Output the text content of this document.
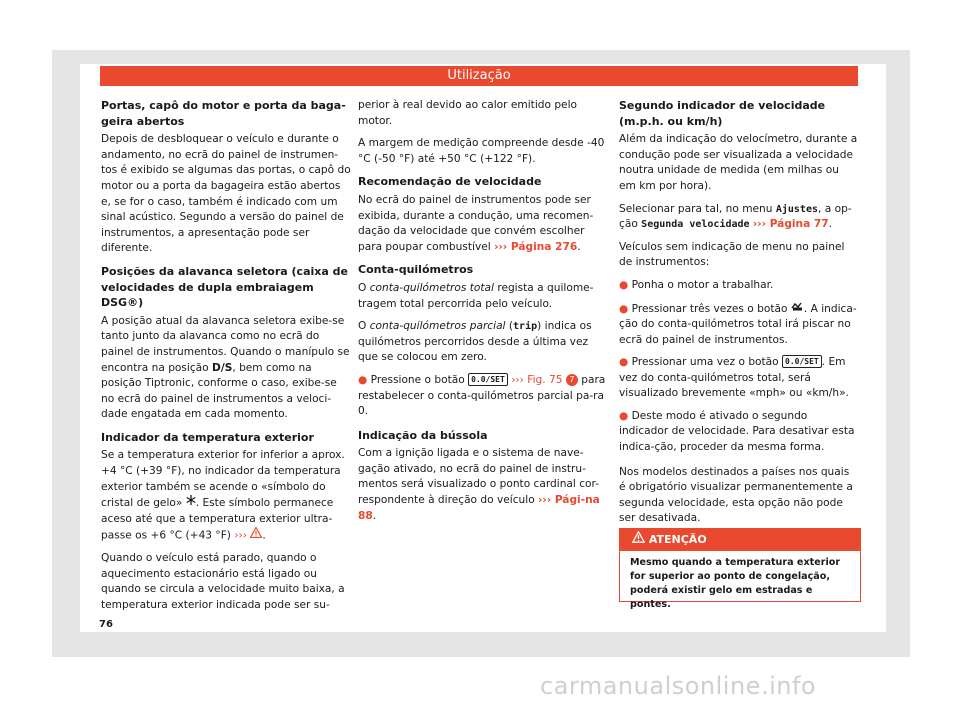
Utilização
Portas, capô do motor e porta da baga-geira abertos

Depois de desbloquear o veículo e durante o andamento, no ecrã do painel de instrumen-tos é exibido se algumas das portas, o capô do motor ou a porta da bagageira estão abertos e, se for o caso, também é indicado com um sinal acústico. Segundo a versão do painel de instrumentos, a apresentação pode ser diferente.

Posições da alavanca seletora (caixa de velocidades de dupla embraiagem DSG®)

A posição atual da alavanca seletora exibe-se tanto junto da alavanca como no ecrã do painel de instrumentos. Quando o manípulo se encontra na posição D/S, bem como na posição Tiptronic, conforme o caso, exibe-se no ecrã do painel de instrumentos a veloci-dade engatada em cada momento.

Indicador da temperatura exterior

Se a temperatura exterior for inferior a aprox. +4 °C (+39 °F), no indicador da temperatura exterior também se acende o «símbolo do cristal de gelo» . Este símbolo permanece aceso até que a temperatura exterior ultra-passe os +6 °C (+43 °F) ››› .

Quando o veículo está parado, quando o aquecimento estacionário está ligado ou quando se circula a velocidade muito baixa, a temperatura exterior indicada pode ser su-

perior à real devido ao calor emitido pelo motor.

A margem de medição compreende desde -40 °C (-50 °F) até +50 °C (+122 °F).

Recomendação de velocidade

No ecrã do painel de instrumentos pode ser exibida, durante a condução, uma recomen-dação da velocidade que convém escolher para poupar combustível ››› Página 276.

Conta-quilómetros

O conta-quilómetros total regista a quilome-tragem total percorrida pelo veículo.

O conta-quilómetros parcial (trip) indica os quilómetros percorridos desde a última vez que se colocou em zero.

● Pressione o botão 0.0/SET ››› Fig. 75 7 para restabelecer o conta-quilómetros parcial pa-ra 0.

Indicação da bússola

Com a ignição ligada e o sistema de nave-gação ativado, no ecrã do painel de instru-mentos será visualizado o ponto cardinal cor-respondente à direção do veículo ››› Pági-na 88.

Segundo indicador de velocidade (m.p.h. ou km/h)

Além da indicação do velocímetro, durante a condução pode ser visualizada a velocidade noutra unidade de medida (em milhas ou em km por hora).

Selecionar para tal, no menu Ajustes, a op-ção Segunda velocidade ››› Página 77.

Veículos sem indicação de menu no painel de instrumentos:

● Ponha o motor a trabalhar.

● Pressionar três vezes o botão . A indica-ção do conta-quilómetros total irá piscar no ecrã do painel de instrumentos.

● Pressionar uma vez o botão 0.0/SET . Em vez do conta-quilómetros total, será visualizado brevemente «mph» ou «km/h».

● Deste modo é ativado o segundo indicador de velocidade. Para desativar esta indica-ção, proceder da mesma forma.

Nos modelos destinados a países nos quais é obrigatório visualizar permanentemente a segunda velocidade, esta opção não pode ser desativada.

ATENÇÃO
Mesmo quando a temperatura exterior for superior ao ponto de congelação, poderá existir gelo em estradas e pontes.
76
carmanualsonline.info
